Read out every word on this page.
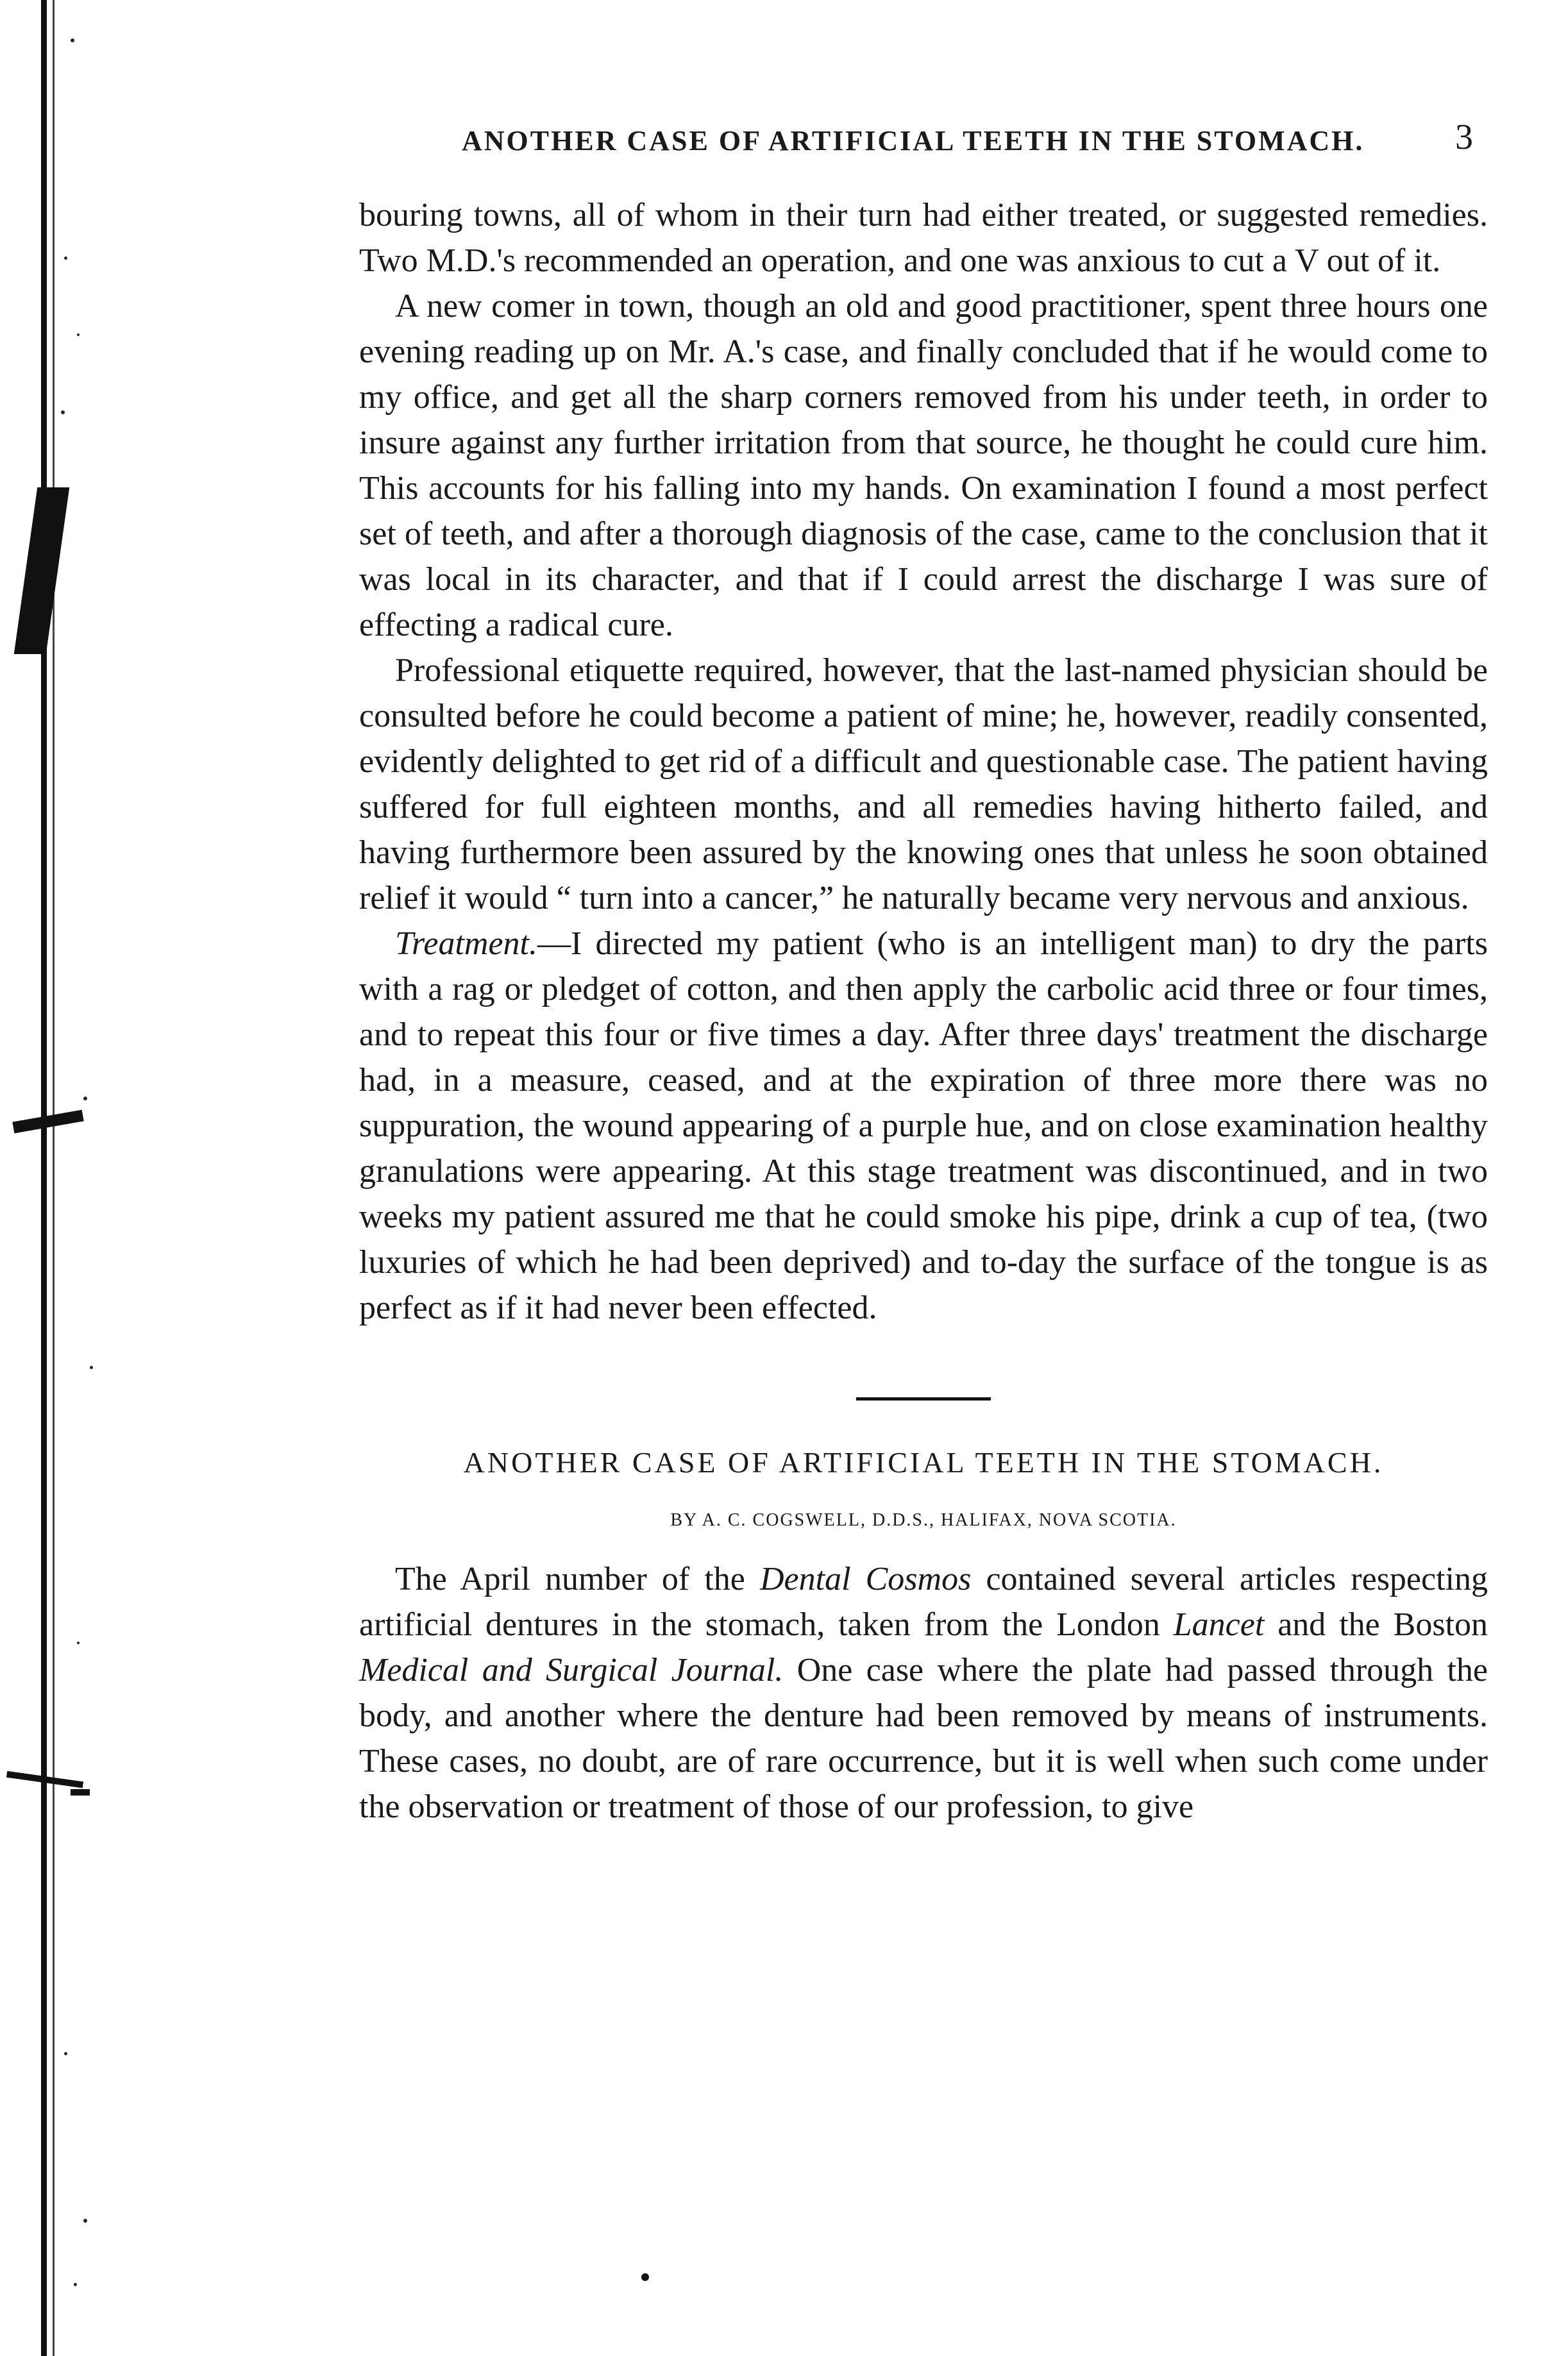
ANOTHER CASE OF ARTIFICIAL TEETH IN THE STOMACH.	3

bouring towns, all of whom in their turn had either treated, or suggested remedies. Two M.D.'s recommended an operation, and one was anxious to cut a V out of it.

A new comer in town, though an old and good practitioner, spent three hours one evening reading up on Mr. A.'s case, and finally concluded that if he would come to my office, and get all the sharp corners removed from his under teeth, in order to insure against any further irritation from that source, he thought he could cure him. This accounts for his falling into my hands. On examination I found a most perfect set of teeth, and after a thorough diagnosis of the case, came to the conclusion that it was local in its character, and that if I could arrest the discharge I was sure of effecting a radical cure.

Professional etiquette required, however, that the last-named physician should be consulted before he could become a patient of mine; he, however, readily consented, evidently delighted to get rid of a difficult and questionable case. The patient having suffered for full eighteen months, and all remedies having hitherto failed, and having furthermore been assured by the knowing ones that unless he soon obtained relief it would “ turn into a cancer,” he naturally became very nervous and anxious.

Treatment.—I directed my patient (who is an intelligent man) to dry the parts with a rag or pledget of cotton, and then apply the carbolic acid three or four times, and to repeat this four or five times a day. After three days' treatment the discharge had, in a measure, ceased, and at the expiration of three more there was no suppuration, the wound appearing of a purple hue, and on close examination healthy granulations were appearing. At this stage treatment was discontinued, and in two weeks my patient assured me that he could smoke his pipe, drink a cup of tea, (two luxuries of which he had been deprived) and to-day the surface of the tongue is as perfect as if it had never been effected.

ANOTHER CASE OF ARTIFICIAL TEETH IN THE STOMACH.
BY A. C. COGSWELL, D.D.S., HALIFAX, NOVA SCOTIA.

The April number of the Dental Cosmos contained several articles respecting artificial dentures in the stomach, taken from the London Lancet and the Boston Medical and Surgical Journal. One case where the plate had passed through the body, and another where the denture had been removed by means of instruments. These cases, no doubt, are of rare occurrence, but it is well when such come under the observation or treatment of those of our profession, to give
